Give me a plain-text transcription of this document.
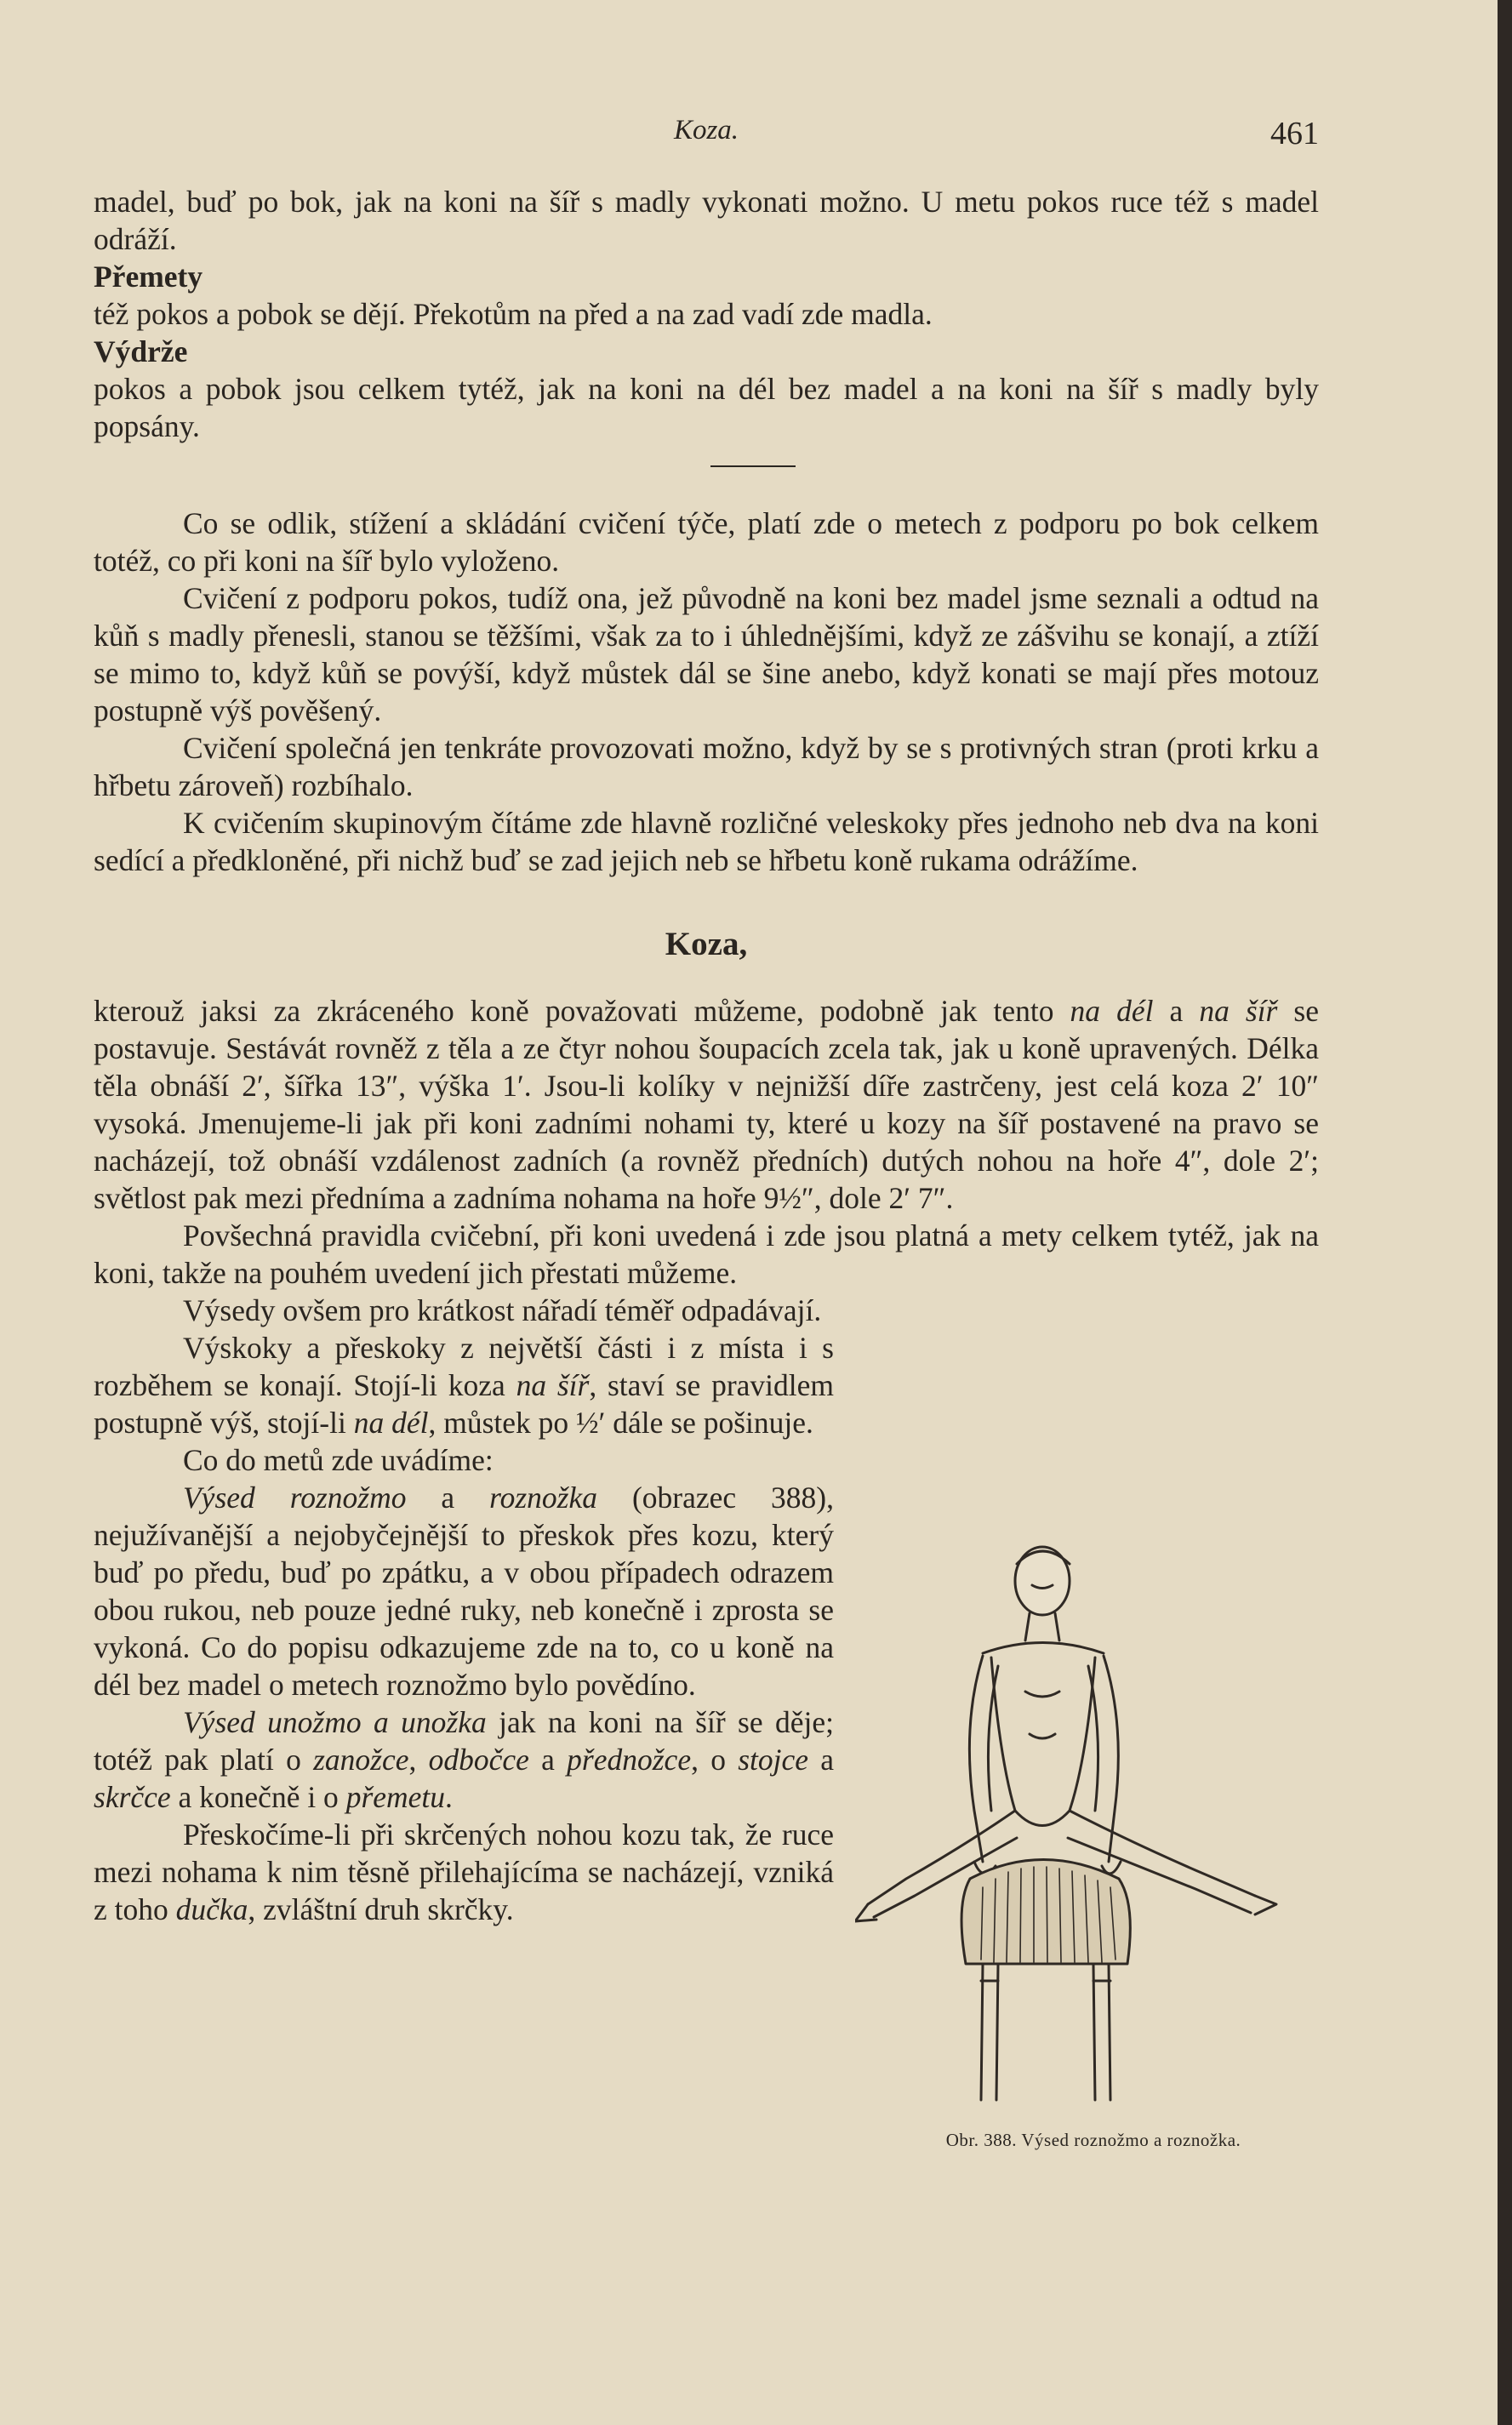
Koza.	461

madel, buď po bok, jak na koni na šíř s madly vykonati možno. U metu pokos ruce též s madel odráží.

Přemety

též pokos a pobok se dějí. Překotům na před a na zad vadí zde madla.

Výdrže

pokos a pobok jsou celkem tytéž, jak na koni na dél bez madel a na koni na šíř s madly byly popsány.

Co se odlik, stížení a skládání cvičení týče, platí zde o metech z podporu po bok celkem totéž, co při koni na šíř bylo vyloženo.

Cvičení z podporu pokos, tudíž ona, jež původně na koni bez madel jsme seznali a odtud na kůň s madly přenesli, stanou se těžšími, však za to i úhlednějšími, když ze zášvihu se konají, a ztíží se mimo to, když kůň se povýší, když můstek dál se šine anebo, když konati se mají přes motouz postupně výš pověšený.

Cvičení společná jen tenkráte provozovati možno, když by se s protivných stran (proti krku a hřbetu zároveň) rozbíhalo.

K cvičením skupinovým čítáme zde hlavně rozličné veleskoky přes jednoho neb dva na koni sedící a předkloněné, při nichž buď se zad jejich neb se hřbetu koně rukama odrážíme.

Koza,

kterouž jaksi za zkráceného koně považovati můžeme, podobně jak tento na dél a na šíř se postavuje. Sestávát rovněž z těla a ze čtyr nohou šoupacích zcela tak, jak u koně upravených. Délka těla obnáší 2′, šířka 13″, výška 1′. Jsou-li kolíky v nejnižší díře zastrčeny, jest celá koza 2′ 10″ vysoká. Jmenujeme-li jak při koni zadními nohami ty, které u kozy na šíř postavené na pravo se nacházejí, tož obnáší vzdálenost zadních (a rovněž předních) dutých nohou na hoře 4″, dole 2′; světlost pak mezi předníma a zadníma nohama na hoře 9½″, dole 2′ 7″.

Povšechná pravidla cvičební, při koni uvedená i zde jsou platná a mety celkem tytéž, jak na koni, takže na pouhém uvedení jich přestati můžeme.

Výsedy ovšem pro krátkost nářadí téměř odpadávají.

Výskoky a přeskoky z největší části i z místa i s rozběhem se konají. Stojí-li koza na šíř, staví se pravidlem postupně výš, stojí-li na dél, můstek po ½′ dále se pošinuje.

Co do metů zde uvádíme:

Výsed roznožmo a roznožka (obrazec 388), nejužívanější a nejobyčejnější to přeskok přes kozu, který buď po předu, buď po zpátku, a v obou případech odrazem obou rukou, neb pouze jedné ruky, neb konečně i zprosta se vykoná. Co do popisu odkazujeme zde na to, co u koně na dél bez madel o metech roznožmo bylo povědíno.

Výsed unožmo a unožka jak na koni na šíř se děje; totéž pak platí o zanožce, odbočce a přednožce, o stojce a skrčce a konečně i o přemetu.

Přeskočíme-li při skrčených nohou kozu tak, že ruce mezi nohama k nim těsně přilehajícíma se nacházejí, vzniká z toho dučka, zvláštní druh skrčky.

Obr. 388. Výsed roznožmo a roznožka.
